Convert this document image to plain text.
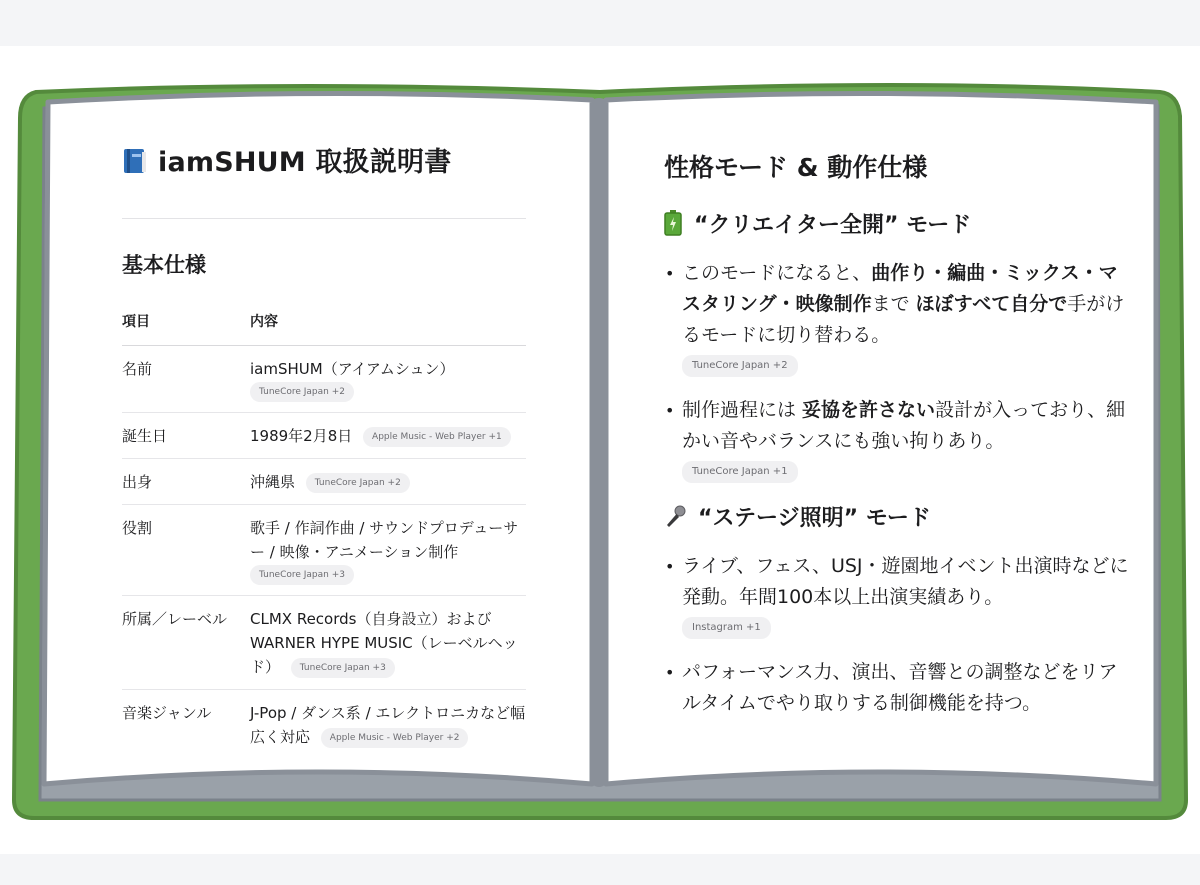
iamSHUM 取扱説明書
基本仕様
項目	内容
名前	iamSHUM（アイアムシュン）
TuneCore Japan +2

誕生日	1989年2月8日 Apple Music - Web Player +1
出身	沖縄県 TuneCore Japan +2
役割	歌手 / 作詞作曲 / サウンドプロデューサー / 映像・アニメーション制作
TuneCore Japan +3

所属／レーベル	CLMX Records（自身設立）および WARNER HYPE MUSIC（レーベルヘッド） TuneCore Japan +3
音楽ジャンル	J-Pop / ダンス系 / エレクトロニカなど幅広く対応 Apple Music - Web Player +2
性格モード & 動作仕様
“クリエイター全開” モード
• このモードになると、曲作り・編曲・ミックス・マスタリング・映像制作まで ほぼすべて自分で手がけるモードに切り替わる。
TuneCore Japan +2
• 制作過程には 妥協を許さない設計が入っており、細かい音やバランスにも強い拘りあり。
TuneCore Japan +1
“ステージ照明” モード
• ライブ、フェス、USJ・遊園地イベント出演時などに発動。年間100本以上出演実績あり。
Instagram +1
• パフォーマンス力、演出、音響との調整などをリアルタイムでやり取りする制御機能を持つ。
